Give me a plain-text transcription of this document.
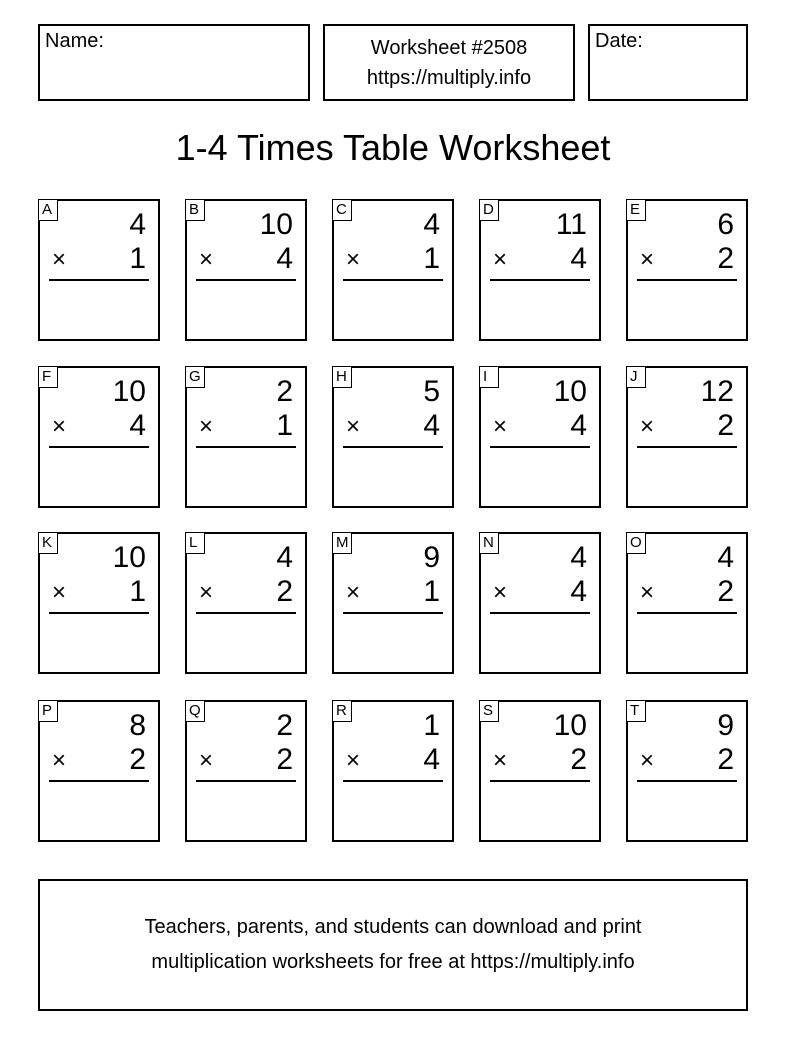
Name:	Worksheet #2508
https://multiply.info
Date:
1-4 Times Table Worksheet
A	4
× 1
B 10
× 4
C	4
× 1
D 11
× 4
E	6
× 2
F 10
× 4
G	2
× 1
H	5
× 4
I	10
× 4
J 12
× 2
K 10
× 1
L	4
× 2
M 9
× 1
N	4
× 4
O	4
× 2
P	8
× 2
Q	2
× 2
R	1
× 4
S 10
× 2
T	9
× 2
Teachers, parents, and students can download and print
multiplication worksheets for free at https://multiply.info
